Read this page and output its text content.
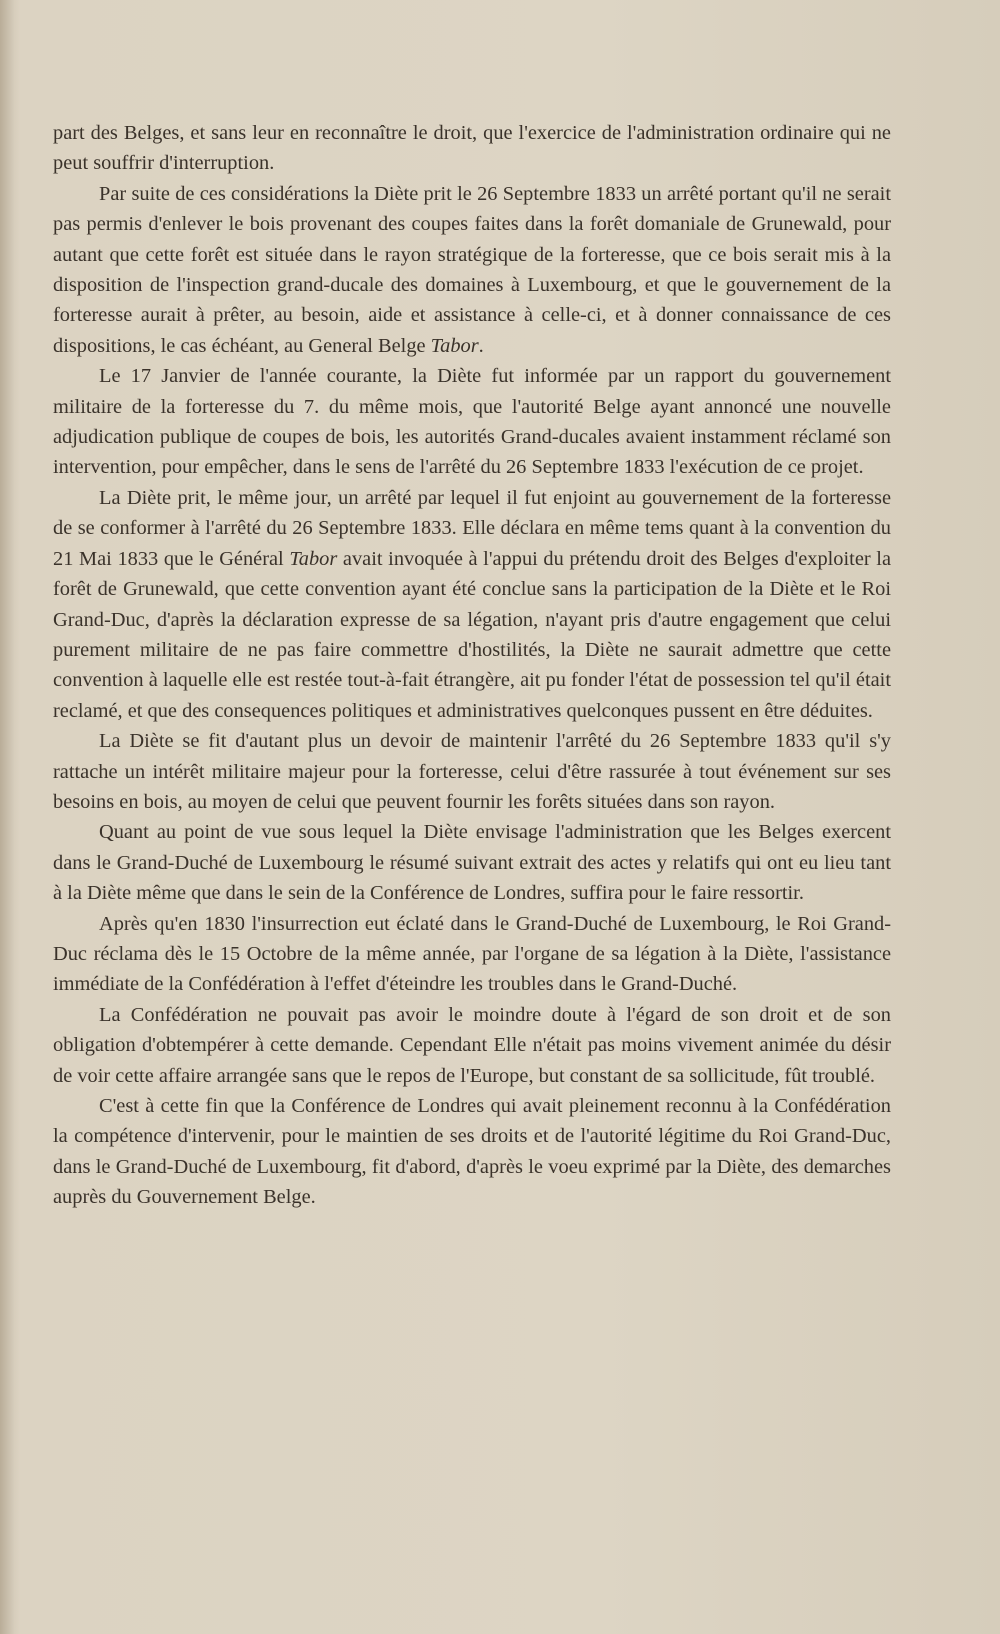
part des Belges, et sans leur en reconnaître le droit, que l'exercice de l'administration ordinaire qui ne peut souffrir d'interruption.

Par suite de ces considérations la Diète prit le 26 Septembre 1833 un arrêté portant qu'il ne serait pas permis d'enlever le bois provenant des coupes faites dans la forêt domaniale de Grunewald, pour autant que cette forêt est située dans le rayon stratégique de la forteresse, que ce bois serait mis à la disposition de l'inspection grand-ducale des domaines à Luxembourg, et que le gouvernement de la forteresse aurait à prêter, au besoin, aide et assistance à celle-ci, et à donner connaissance de ces dispositions, le cas échéant, au General Belge Tabor.

Le 17 Janvier de l'année courante, la Diète fut informée par un rapport du gouvernement militaire de la forteresse du 7. du même mois, que l'autorité Belge ayant annoncé une nouvelle adjudication publique de coupes de bois, les autorités Grand-ducales avaient instamment réclamé son intervention, pour empêcher, dans le sens de l'arrêté du 26 Septembre 1833 l'exécution de ce projet.

La Diète prit, le même jour, un arrêté par lequel il fut enjoint au gouvernement de la forteresse de se conformer à l'arrêté du 26 Septembre 1833. Elle déclara en même tems quant à la convention du 21 Mai 1833 que le Général Tabor avait invoquée à l'appui du prétendu droit des Belges d'exploiter la forêt de Grunewald, que cette convention ayant été conclue sans la participation de la Diète et le Roi Grand-Duc, d'après la déclaration expresse de sa légation, n'ayant pris d'autre engagement que celui purement militaire de ne pas faire commettre d'hostilités, la Diète ne saurait admettre que cette convention à laquelle elle est restée tout-à-fait étrangère, ait pu fonder l'état de possession tel qu'il était reclamé, et que des consequences politiques et administratives quelconques pussent en être déduites.

La Diète se fit d'autant plus un devoir de maintenir l'arrêté du 26 Septembre 1833 qu'il s'y rattache un intérêt militaire majeur pour la forteresse, celui d'être rassurée à tout événement sur ses besoins en bois, au moyen de celui que peuvent fournir les forêts situées dans son rayon.

Quant au point de vue sous lequel la Diète envisage l'administration que les Belges exercent dans le Grand-Duché de Luxembourg le résumé suivant extrait des actes y relatifs qui ont eu lieu tant à la Diète même que dans le sein de la Conférence de Londres, suffira pour le faire ressortir.

Après qu'en 1830 l'insurrection eut éclaté dans le Grand-Duché de Luxembourg, le Roi Grand-Duc réclama dès le 15 Octobre de la même année, par l'organe de sa légation à la Diète, l'assistance immédiate de la Confédération à l'effet d'éteindre les troubles dans le Grand-Duché.

La Confédération ne pouvait pas avoir le moindre doute à l'égard de son droit et de son obligation d'obtempérer à cette demande. Cependant Elle n'était pas moins vivement animée du désir de voir cette affaire arrangée sans que le repos de l'Europe, but constant de sa sollicitude, fût troublé.

C'est à cette fin que la Conférence de Londres qui avait pleinement reconnu à la Confédération la compétence d'intervenir, pour le maintien de ses droits et de l'autorité légitime du Roi Grand-Duc, dans le Grand-Duché de Luxembourg, fit d'abord, d'après le voeu exprimé par la Diète, des demarches auprès du Gouvernement Belge.
